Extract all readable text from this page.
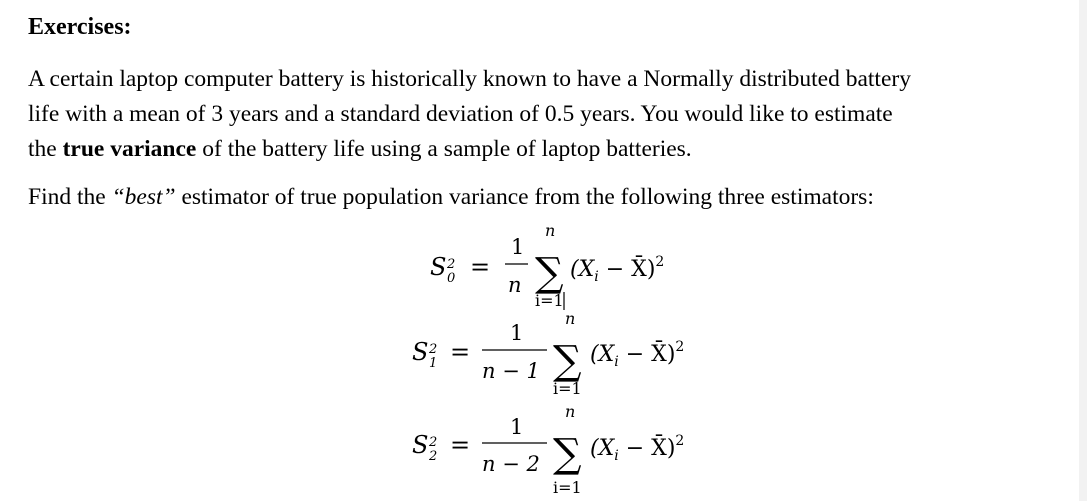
Exercises:
A certain laptop computer battery is historically known to have a Normally distributed battery
life with a mean of 3 years and a standard deviation of 0.5 years. You would like to estimate
the true variance of the battery life using a sample of laptop batteries.
Find the “best” estimator of true population variance from the following three estimators:
S 2
0 =
1
n
n
∑
i=1
($X_i$ − X̄)$^2$
S 2
1 =
1
n − 1
n
∑
i=1
($X_i$ − X̄)$^2$
S 2
2 =
1
n − 2
n
∑
i=1
($X_i$ − X̄)$^2$
